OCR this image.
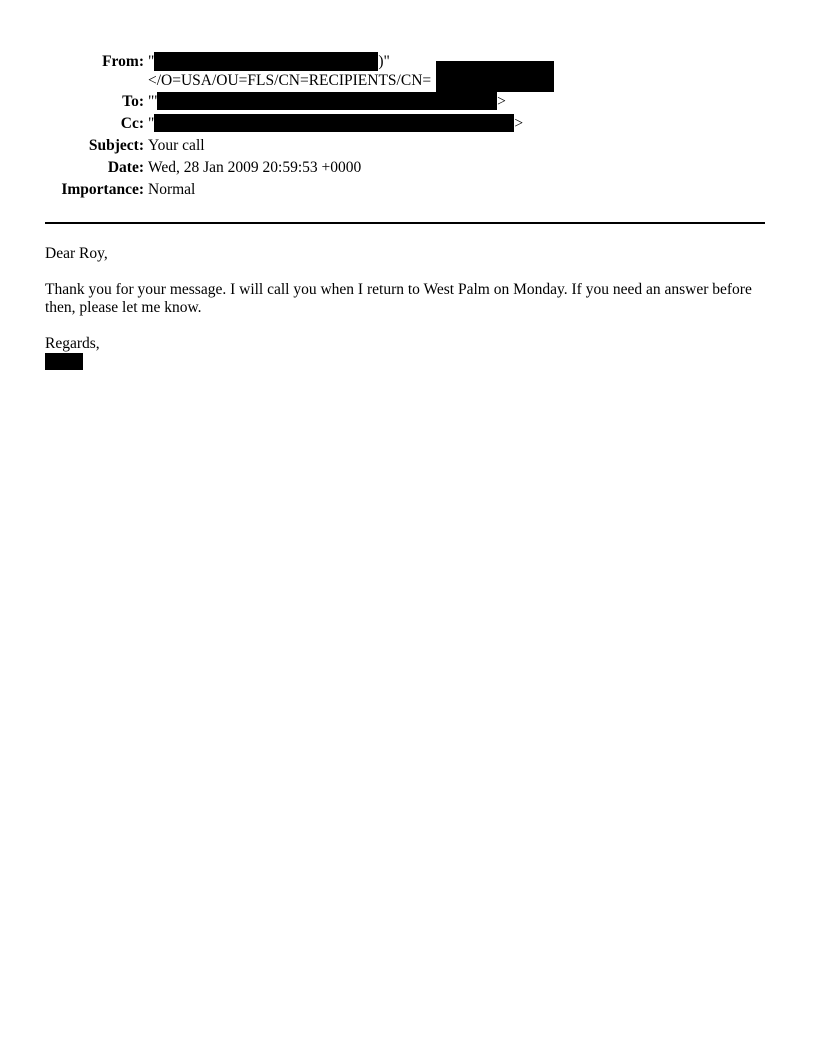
From: "	)"
</O=USA/OU=FLS/CN=RECIPIENTS/CN=
To: "'	>
Cc: "	>
Subject: Your call
Date: Wed, 28 Jan 2009 20:59:53 +0000
Importance: Normal
Dear Roy,
Thank you for your message. I will call you when I return to West Palm on Monday. If you need an answer before then, please let me know.
Regards,
